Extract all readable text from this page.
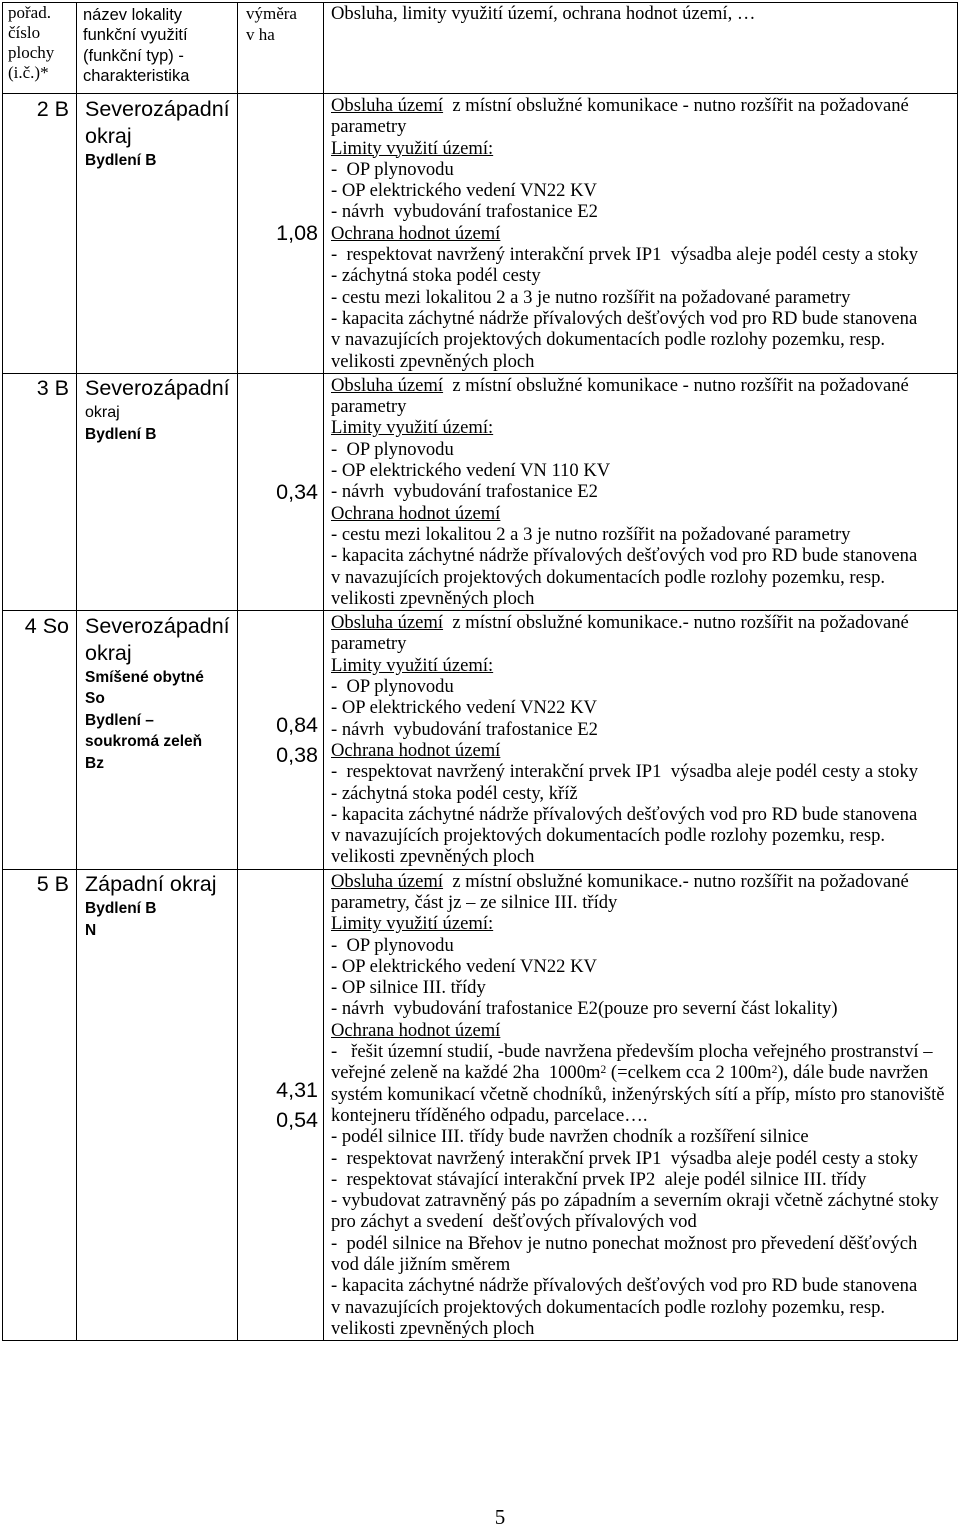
pořad.
číslo
plochy
(i.č.)*
název lokality
funkční využití
(funkční typ) -
charakteristika
výměra
v ha
Obsluha, limity využití území, ochrana hodnot území, …
2 B Severozápadní
okraj
Bydlení B
1,08
Obsluha území  z místní obslužné komunikace - nutno rozšířit na požadované
parametry
Limity využití území:
-  OP plynovodu
- OP elektrického vedení VN22 KV
- návrh  vybudování trafostanice E2
Ochrana hodnot území
-  respektovat navržený interakční prvek IP1  výsadba aleje podél cesty a stoky
- záchytná stoka podél cesty
- cestu mezi lokalitou 2 a 3 je nutno rozšířit na požadované parametry
- kapacita záchytné nádrže přívalových dešťových vod pro RD bude stanovena
v navazujících projektových dokumentacích podle rozlohy pozemku, resp.
velikosti zpevněných ploch
3 B Severozápadní
okraj
Bydlení B
0,34
Obsluha území  z místní obslužné komunikace - nutno rozšířit na požadované
parametry
Limity využití území:
-  OP plynovodu
- OP elektrického vedení VN 110 KV
- návrh  vybudování trafostanice E2
Ochrana hodnot území
- cestu mezi lokalitou 2 a 3 je nutno rozšířit na požadované parametry
- kapacita záchytné nádrže přívalových dešťových vod pro RD bude stanovena
v navazujících projektových dokumentacích podle rozlohy pozemku, resp.
velikosti zpevněných ploch
4 So Severozápadní
okraj
Smíšené obytné
So
Bydlení –
soukromá zeleň
Bz
0,84
0,38
Obsluha území  z místní obslužné komunikace.- nutno rozšířit na požadované
parametry
Limity využití území:
-  OP plynovodu
- OP elektrického vedení VN22 KV
- návrh  vybudování trafostanice E2
Ochrana hodnot území
-  respektovat navržený interakční prvek IP1  výsadba aleje podél cesty a stoky
- záchytná stoka podél cesty, kříž
- kapacita záchytné nádrže přívalových dešťových vod pro RD bude stanovena
v navazujících projektových dokumentacích podle rozlohy pozemku, resp.
velikosti zpevněných ploch
5 B Západní okraj
Bydlení B
N
4,31
0,54
Obsluha území  z místní obslužné komunikace.- nutno rozšířit na požadované
parametry, část jz – ze silnice III. třídy
Limity využití území:
-  OP plynovodu
- OP elektrického vedení VN22 KV
- OP silnice III. třídy
- návrh  vybudování trafostanice E2(pouze pro severní část lokality)
Ochrana hodnot území
-   řešit územní studií, -bude navržena především plocha veřejného prostranství –
veřejné zeleně na každé 2ha  $1000m^2$ (=celkem cca 2 $100m^2$), dále bude navržen
systém komunikací včetně chodníků, inženýrských sítí a příp, místo pro stanoviště
kontejneru tříděného odpadu, parcelace….
- podél silnice III. třídy bude navržen chodník a rozšíření silnice
-  respektovat navržený interakční prvek IP1  výsadba aleje podél cesty a stoky
-  respektovat stávající interakční prvek IP2  aleje podél silnice III. třídy
- vybudovat zatravněný pás po západním a severním okraji včetně záchytné stoky
pro záchyt a svedení  dešťových přívalových vod
-  podél silnice na Břehov je nutno ponechat možnost pro převedení děšťových
vod dále jižním směrem
- kapacita záchytné nádrže přívalových dešťových vod pro RD bude stanovena
v navazujících projektových dokumentacích podle rozlohy pozemku, resp.
velikosti zpevněných ploch
5
